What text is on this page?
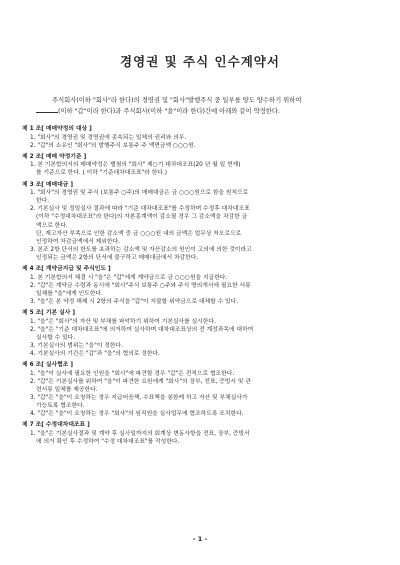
경영권 및 주식 인수계약서
주식회사(이하 "회사"라 한다)의 경영권 및 "회사"발행주식 중 일부를 양도 양수하기 위하여
(이하 "갑"이라 한다)과 주식회사(이하 "을"이라 한다)간에 아래와 같이 약정한다.
제 1 조[ 매매약정의 대상 ]
1. "회사"의 경영권 및 경영권에 종속되는 일체의 권리와 의무.
2. "갑"의 소유인 "회사"의 발행주식 보통주 주 액면금액 ○○○원.
제 2 조[ 매매 약정기준 ]
1. 본 기본합의서의 매매약정은 별첨의 "회사" 제○기 대차대조표(20 년 월 일 현재)
를 기준으로 한다. ( 이하 "기준대차대조표"라 한다.)
제 3 조[ 매매대금 ]
1. "회사"의 경영권 및 주식 (보통주 ○주)의 매매대금은 금 ○○○원으로 함을 원칙으로
한다.
2. 기본실사 및 정밀실사 결과에 따라 "기준 대차대조표"를 수정하며 수정후 대차대조표
(이하 "수정대차대조표"라 한다)의 자본총계액이 감소될 경우 그 감소액을 차감한 금
액으로 한다.
단, 재고자산 부족으로 인한 감소액 중 금 ○○○원 내의 금액은 업무상 착오로으로
인정하여 차감금액에서 제외한다.
3. 본조 2항 단서의 한도를 초과하는 감소액 및 자산감소의 원인이 고의에 의한 것이라고
인정되는 금액은 2항의 단서에 불구하고 매매대금에서 차감한다.
제 4 조[ 계약금지급 및 주식인도 ]
1. 본 기본합의서 체결 시 "을"은 "갑"에게 계약금으로 금 ○○○원을 지급한다.
2. "갑"은 계약금 수령과 동시에 "회사"주식 보통주 ○주와 주식 명의개서에 필요한 서류
일체를 "을"에게 인도한다.
3. "을"은 본 약정 해제 시 2항의 주식을 "갑"이 지불할 위약금으로 대체할 수 있다.
제 5 조[ 기본 실사 ]
1. "을"은 "회사"의 자산 및 부채를 파악하기 위하여 기본실사를 실시한다.
2. "을"은 "기준 대차대조표"에 의거하여 실사하며 대차대조표상의 전 계정과목에 대하여
실사할 수 있다.
3. 기본실사의 범위는 "을"이 정한다.
4. 기본실사의 기간은 "갑"과 "을"의 협의로 정한다.
제 6 조[ 실사협조 ]
1. "을"이 실사에 필요한 인원을 "회사"에 파견할 경우 "갑"은 전적으로 협조한다.
2. "갑"은 기본실사를 위하여 "을"이 파견한 요원에게 "회사"의 장부, 전표, 증빙서 및 관
련서류 일체를 제공한다.
3. "갑"은 "을"이 요청하는 경우 지급어음책, 수표책을 봉함케 하고 자산 및 부채실사가
가능토록 협조한다.
4. "갑"은 "을"이 요청하는 경우 "회사"의 임직원을 실사업무에 협조하도록 조치한다.
제 7 조[ 수정대차대조표 ]
1. "을"은 기본실사결과 및 계약 후 실사일까지의 회계상 변동사항을 전표, 장부, 증빙서
에 의거 확인 후 수정하여 "수정 대차대조표"를 작성한다.
- 1 -
